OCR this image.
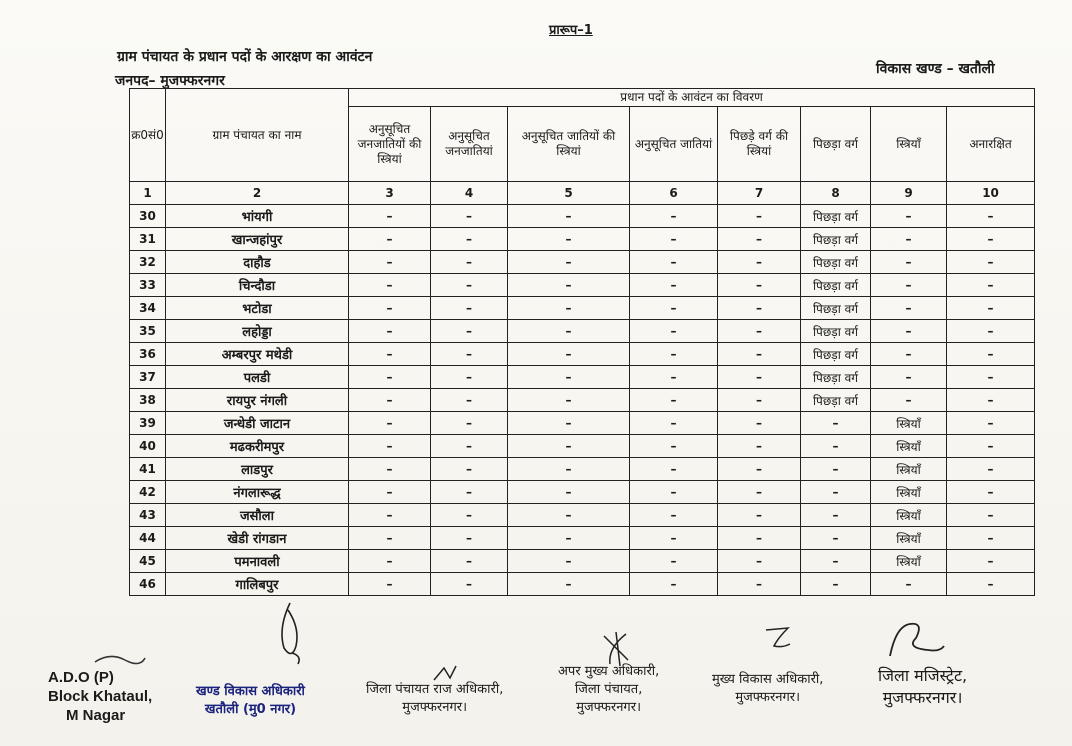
प्रारूप–1
ग्राम पंचायत के प्रधान पदों के आरक्षण का आवंटन
जनपद– मुजफ्फरनगर
विकास खण्ड – खतौली
क्र0सं0	ग्राम पंचायत का नाम	प्रधान पदों के आवंटन का विवरण							
		अनुसूचित जनजातियों की स्त्रियां	अनुसूचित जनजातियां	अनुसूचित जातियों की स्त्रियां	अनुसूचित जातियां	पिछड़े वर्ग की स्त्रियां	पिछड़ा वर्ग	स्त्रियाँ	अनारक्षित
1	2	3	4	5	6	7	8	9	10
30	भांयगी	–	–	–	–	–	पिछड़ा वर्ग	–	–
31	खान्जहांपुर	–	–	–	–	–	पिछड़ा वर्ग	–	–
32	दाहौड	–	–	–	–	–	पिछड़ा वर्ग	–	–
33	चिन्दौडा	–	–	–	–	–	पिछड़ा वर्ग	–	–
34	भटोडा	–	–	–	–	–	पिछड़ा वर्ग	–	–
35	लहोड्डा	–	–	–	–	–	पिछड़ा वर्ग	–	–
36	अम्बरपुर मथेडी	–	–	–	–	–	पिछड़ा वर्ग	–	–
37	पलडी	–	–	–	–	–	पिछड़ा वर्ग	–	–
38	रायपुर नंगली	–	–	–	–	–	पिछड़ा वर्ग	–	–
39	जन्धेडी जाटान	–	–	–	–	–	–	स्त्रियाँ	–
40	मढकरीमपुर	–	–	–	–	–	–	स्त्रियाँ	–
41	लाडपुर	–	–	–	–	–	–	स्त्रियाँ	–
42	नंगलारूद्ध	–	–	–	–	–	–	स्त्रियाँ	–
43	जसौला	–	–	–	–	–	–	स्त्रियाँ	–
44	खेडी रांगडान	–	–	–	–	–	–	स्त्रियाँ	–
45	पमनावली	–	–	–	–	–	–	स्त्रियाँ	–
46	गालिबपुर	–	–	–	–	–	–	–	–
A.D.O (P)
Block Khataul,
M Nagar
खण्ड विकास अधिकारी
खतौली (मु0 नगर)
जिला पंचायत राज अधिकारी,
मुजफ्फरनगर।
अपर मुख्य अधिकारी,
जिला पंचायत,
मुजफ्फरनगर।
मुख्य विकास अधिकारी,
मुजफ्फरनगर।
जिला मजिस्ट्रेट,
मुजफ्फरनगर।
